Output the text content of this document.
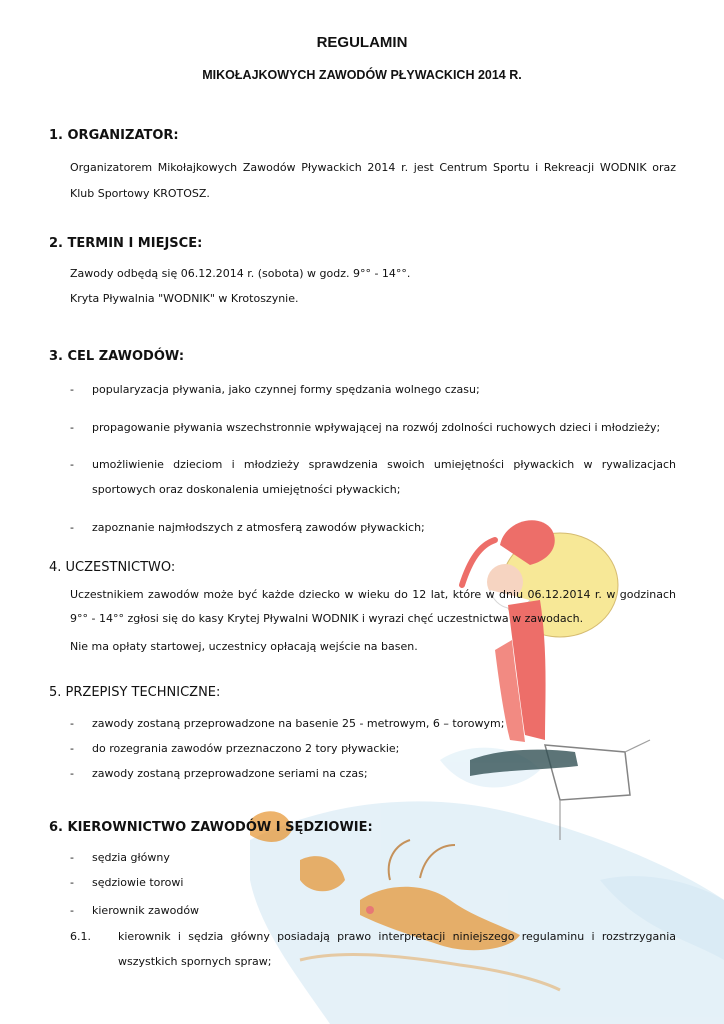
REGULAMIN
MIKOŁAJKOWYCH ZAWODÓW PŁYWACKICH 2014 R.
1. ORGANIZATOR:
Organizatorem Mikołajkowych Zawodów Pływackich 2014 r. jest Centrum Sportu i Rekreacji WODNIK oraz Klub Sportowy KROTOSZ.
2. TERMIN I MIEJSCE:
Zawody odbędą się 06.12.2014 r. (sobota) w godz. 9°° - 14°°.
Kryta Pływalnia "WODNIK" w Krotoszynie.
3. CEL ZAWODÓW:
- popularyzacja pływania, jako czynnej formy spędzania wolnego czasu;
- propagowanie pływania wszechstronnie wpływającej na rozwój zdolności ruchowych dzieci i młodzieży;
- umożliwienie dzieciom i młodzieży sprawdzenia swoich umiejętności pływackich w rywalizacjach sportowych oraz doskonalenia umiejętności pływackich;
- zapoznanie najmłodszych z atmosferą zawodów pływackich;
4. UCZESTNICTWO:
Uczestnikiem zawodów może być każde dziecko w wieku do 12 lat, które w dniu 06.12.2014 r. w godzinach 9°° - 14°° zgłosi się do kasy Krytej Pływalni WODNIK i wyrazi chęć uczestnictwa w zawodach.
Nie ma opłaty startowej, uczestnicy opłacają wejście na basen.
5. PRZEPISY TECHNICZNE:
- zawody zostaną przeprowadzone na basenie 25 - metrowym, 6 – torowym;
- do rozegrania zawodów przeznaczono 2 tory pływackie;
- zawody zostaną przeprowadzone seriami na czas;
6. KIEROWNICTWO ZAWODÓW I SĘDZIOWIE:
- sędzia główny
- sędziowie torowi
- kierownik zawodów
6.1. kierownik i sędzia główny posiadają prawo interpretacji niniejszego regulaminu i rozstrzygania wszystkich spornych spraw;
